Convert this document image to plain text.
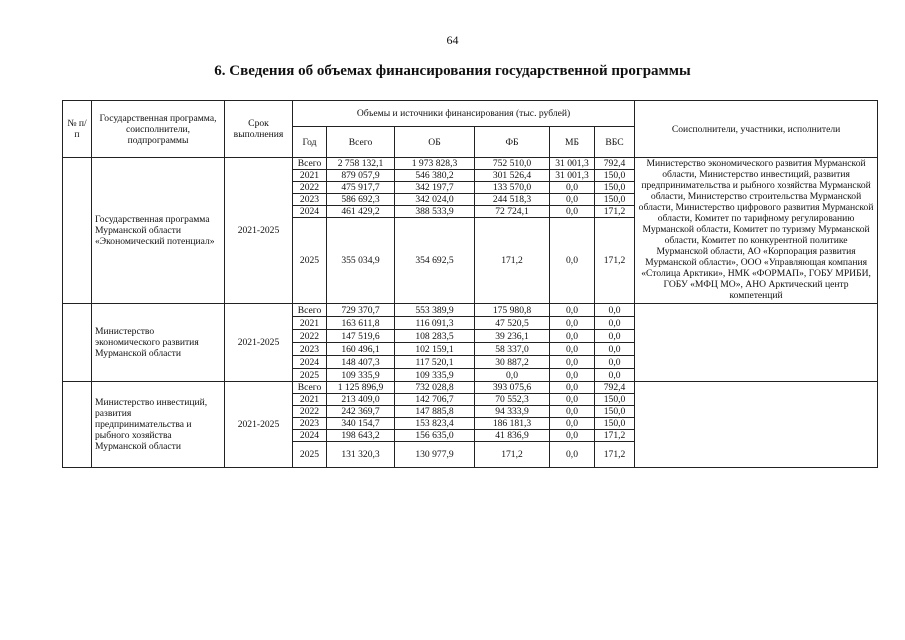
64
6. Сведения об объемах финансирования государственной программы
№ п/п	Государственная программа, соисполнители, подпрограммы	Срок выполнения	Объемы и источники финансирования (тыс. рублей)						Соисполнители, участники, исполнители
			Год	Всего	ОБ	ФБ	МБ	ВБС	
	Государственная программа Мурманской области «Экономический потенциал»	2021-2025	Всего	2 758 132,1	1 973 828,3	752 510,0	31 001,3	792,4	Министерство экономического развития Мурманской области, Министерство инвестиций, развития предпринимательства и рыбного хозяйства Мурманской области, Министерство строительства Мурманской области, Министерство цифрового развития Мурманской области, Комитет по тарифному регулированию Мурманской области, Комитет по туризму Мурманской области, Комитет по конкурентной политике Мурманской области, АО «Корпорация развития Мурманской области», ООО «Управляющая компания «Столица Арктики», НМК «ФОРМАП», ГОБУ МРИБИ, ГОБУ «МФЦ МО», АНО Арктический центр компетенций
			2021	879 057,9	546 380,2	301 526,4	31 001,3	150,0	
			2022	475 917,7	342 197,7	133 570,0	0,0	150,0	
			2023	586 692,3	342 024,0	244 518,3	0,0	150,0	
			2024	461 429,2	388 533,9	72 724,1	0,0	171,2	
			2025	355 034,9	354 692,5	171,2	0,0	171,2	
	Министерство экономического развития Мурманской области	2021-2025	Всего	729 370,7	553 389,9	175 980,8	0,0	0,0	
			2021	163 611,8	116 091,3	47 520,5	0,0	0,0	
			2022	147 519,6	108 283,5	39 236,1	0,0	0,0	
			2023	160 496,1	102 159,1	58 337,0	0,0	0,0	
			2024	148 407,3	117 520,1	30 887,2	0,0	0,0	
			2025	109 335,9	109 335,9	0,0	0,0	0,0	
	Министерство инвестиций, развития предпринимательства и рыбного хозяйства Мурманской области	2021-2025	Всего	1 125 896,9	732 028,8	393 075,6	0,0	792,4	
			2021	213 409,0	142 706,7	70 552,3	0,0	150,0	
			2022	242 369,7	147 885,8	94 333,9	0,0	150,0	
			2023	340 154,7	153 823,4	186 181,3	0,0	150,0	
			2024	198 643,2	156 635,0	41 836,9	0,0	171,2	
			2025	131 320,3	130 977,9	171,2	0,0	171,2	
